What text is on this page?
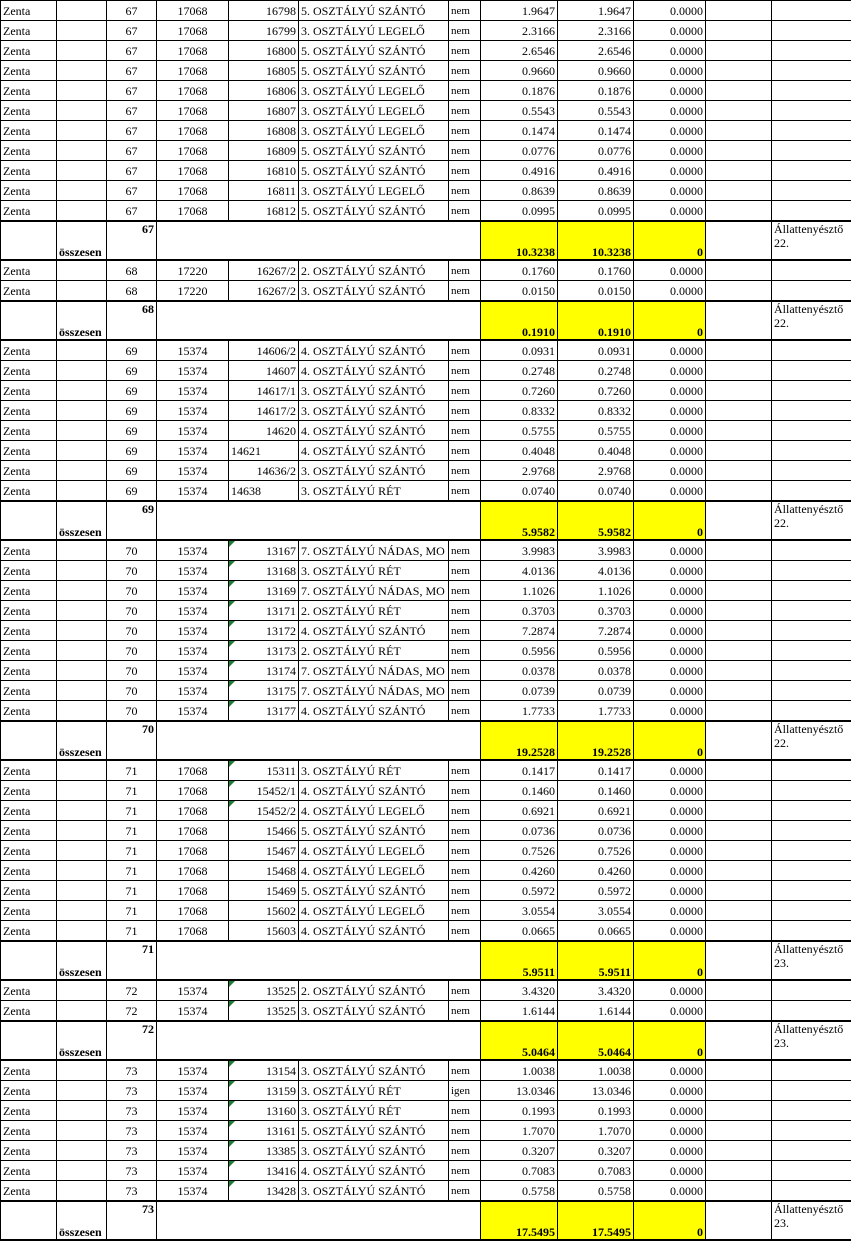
Zenta		67	17068	16798	5. OSZTÁLYÚ SZÁNTÓ	nem	1.9647	1.9647	0.0000		
Zenta		67	17068	16799	3. OSZTÁLYÚ LEGELŐ	nem	2.3166	2.3166	0.0000		
Zenta		67	17068	16800	5. OSZTÁLYÚ SZÁNTÓ	nem	2.6546	2.6546	0.0000		
Zenta		67	17068	16805	5. OSZTÁLYÚ SZÁNTÓ	nem	0.9660	0.9660	0.0000		
Zenta		67	17068	16806	3. OSZTÁLYÚ LEGELŐ	nem	0.1876	0.1876	0.0000		
Zenta		67	17068	16807	3. OSZTÁLYÚ LEGELŐ	nem	0.5543	0.5543	0.0000		
Zenta		67	17068	16808	3. OSZTÁLYÚ LEGELŐ	nem	0.1474	0.1474	0.0000		
Zenta		67	17068	16809	5. OSZTÁLYÚ SZÁNTÓ	nem	0.0776	0.0776	0.0000		
Zenta		67	17068	16810	5. OSZTÁLYÚ SZÁNTÓ	nem	0.4916	0.4916	0.0000		
Zenta		67	17068	16811	3. OSZTÁLYÚ LEGELŐ	nem	0.8639	0.8639	0.0000		
Zenta		67	17068	16812	5. OSZTÁLYÚ SZÁNTÓ	nem	0.0995	0.0995	0.0000		
	összesen	67					10.3238	10.3238	0		Állattenyésztő 22.
Zenta		68	17220	16267/2	2. OSZTÁLYÚ SZÁNTÓ	nem	0.1760	0.1760	0.0000		
Zenta		68	17220	16267/2	3. OSZTÁLYÚ SZÁNTÓ	nem	0.0150	0.0150	0.0000		
	összesen	68					0.1910	0.1910	0		Állattenyésztő 22.
Zenta		69	15374	14606/2	4. OSZTÁLYÚ SZÁNTÓ	nem	0.0931	0.0931	0.0000		
Zenta		69	15374	14607	4. OSZTÁLYÚ SZÁNTÓ	nem	0.2748	0.2748	0.0000		
Zenta		69	15374	14617/1	3. OSZTÁLYÚ SZÁNTÓ	nem	0.7260	0.7260	0.0000		
Zenta		69	15374	14617/2	3. OSZTÁLYÚ SZÁNTÓ	nem	0.8332	0.8332	0.0000		
Zenta		69	15374	14620	4. OSZTÁLYÚ SZÁNTÓ	nem	0.5755	0.5755	0.0000		
Zenta		69	15374	14621	4. OSZTÁLYÚ SZÁNTÓ	nem	0.4048	0.4048	0.0000		
Zenta		69	15374	14636/2	3. OSZTÁLYÚ SZÁNTÓ	nem	2.9768	2.9768	0.0000		
Zenta		69	15374	14638	3. OSZTÁLYÚ RÉT	nem	0.0740	0.0740	0.0000		
	összesen	69					5.9582	5.9582	0		Állattenyésztő 22.
Zenta		70	15374	13167	7. OSZTÁLYÚ NÁDAS, MO	nem	3.9983	3.9983	0.0000		
Zenta		70	15374	13168	3. OSZTÁLYÚ RÉT	nem	4.0136	4.0136	0.0000		
Zenta		70	15374	13169	7. OSZTÁLYÚ NÁDAS, MO	nem	1.1026	1.1026	0.0000		
Zenta		70	15374	13171	2. OSZTÁLYÚ RÉT	nem	0.3703	0.3703	0.0000		
Zenta		70	15374	13172	4. OSZTÁLYÚ SZÁNTÓ	nem	7.2874	7.2874	0.0000		
Zenta		70	15374	13173	2. OSZTÁLYÚ RÉT	nem	0.5956	0.5956	0.0000		
Zenta		70	15374	13174	7. OSZTÁLYÚ NÁDAS, MO	nem	0.0378	0.0378	0.0000		
Zenta		70	15374	13175	7. OSZTÁLYÚ NÁDAS, MO	nem	0.0739	0.0739	0.0000		
Zenta		70	15374	13177	4. OSZTÁLYÚ SZÁNTÓ	nem	1.7733	1.7733	0.0000		
	összesen	70					19.2528	19.2528	0		Állattenyésztő 22.
Zenta		71	17068	15311	3. OSZTÁLYÚ RÉT	nem	0.1417	0.1417	0.0000		
Zenta		71	17068	15452/1	4. OSZTÁLYÚ SZÁNTÓ	nem	0.1460	0.1460	0.0000		
Zenta		71	17068	15452/2	4. OSZTÁLYÚ LEGELŐ	nem	0.6921	0.6921	0.0000		
Zenta		71	17068	15466	5. OSZTÁLYÚ SZÁNTÓ	nem	0.0736	0.0736	0.0000		
Zenta		71	17068	15467	4. OSZTÁLYÚ LEGELŐ	nem	0.7526	0.7526	0.0000		
Zenta		71	17068	15468	4. OSZTÁLYÚ LEGELŐ	nem	0.4260	0.4260	0.0000		
Zenta		71	17068	15469	5. OSZTÁLYÚ SZÁNTÓ	nem	0.5972	0.5972	0.0000		
Zenta		71	17068	15602	4. OSZTÁLYÚ LEGELŐ	nem	3.0554	3.0554	0.0000		
Zenta		71	17068	15603	4. OSZTÁLYÚ SZÁNTÓ	nem	0.0665	0.0665	0.0000		
	összesen	71					5.9511	5.9511	0		Állattenyésztő 23.
Zenta		72	15374	13525	2. OSZTÁLYÚ SZÁNTÓ	nem	3.4320	3.4320	0.0000		
Zenta		72	15374	13525	3. OSZTÁLYÚ SZÁNTÓ	nem	1.6144	1.6144	0.0000		
	összesen	72					5.0464	5.0464	0		Állattenyésztő 23.
Zenta		73	15374	13154	3. OSZTÁLYÚ SZÁNTÓ	nem	1.0038	1.0038	0.0000		
Zenta		73	15374	13159	3. OSZTÁLYÚ RÉT	igen	13.0346	13.0346	0.0000		
Zenta		73	15374	13160	3. OSZTÁLYÚ RÉT	nem	0.1993	0.1993	0.0000		
Zenta		73	15374	13161	5. OSZTÁLYÚ SZÁNTÓ	nem	1.7070	1.7070	0.0000		
Zenta		73	15374	13385	3. OSZTÁLYÚ SZÁNTÓ	nem	0.3207	0.3207	0.0000		
Zenta		73	15374	13416	4. OSZTÁLYÚ SZÁNTÓ	nem	0.7083	0.7083	0.0000		
Zenta		73	15374	13428	3. OSZTÁLYÚ SZÁNTÓ	nem	0.5758	0.5758	0.0000		
	összesen	73					17.5495	17.5495	0		Állattenyésztő 23.
